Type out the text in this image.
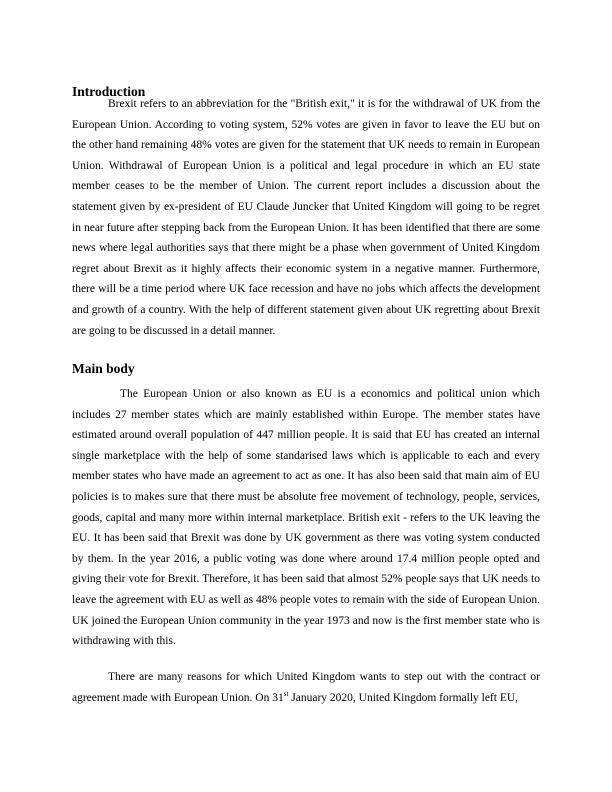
Introduction

Brexit refers to an abbreviation for the "British exit," it is for the withdrawal of UK from the European Union. According to voting system, 52% votes are given in favor to leave the EU but on the other hand remaining 48% votes are given for the statement that UK needs to remain in European Union. Withdrawal of European Union is a political and legal procedure in which an EU state member ceases to be the member of Union. The current report includes a discussion about the statement given by ex-president of EU Claude Juncker that United Kingdom will going to be regret in near future after stepping back from the European Union. It has been identified that there are some news where legal authorities says that there might be a phase when government of United Kingdom regret about Brexit as it highly affects their economic system in a negative manner. Furthermore, there will be a time period where UK face recession and have no jobs which affects the development and growth of a country. With the help of different statement given about UK regretting about Brexit are going to be discussed in a detail manner.

Main body

The European Union or also known as EU is a economics and political union which includes 27 member states which are mainly established within Europe. The member states have estimated around overall population of 447 million people. It is said that EU has created an internal single marketplace with the help of some standarised laws which is applicable to each and every member states who have made an agreement to act as one. It has also been said that main aim of EU policies is to makes sure that there must be absolute free movement of technology, people, services, goods, capital and many more within internal marketplace. British exit - refers to the UK leaving the EU. It has been said that Brexit was done by UK government as there was voting system conducted by them. In the year 2016, a public voting was done where around 17.4 million people opted and giving their vote for Brexit. Therefore, it has been said that almost 52% people says that UK needs to leave the agreement with EU as well as 48% people votes to remain with the side of European Union. UK joined the European Union community in the year 1973 and now is the first member state who is withdrawing with this.

There are many reasons for which United Kingdom wants to step out with the contract or agreement made with European Union. On 31st January 2020, United Kingdom formally left EU,
